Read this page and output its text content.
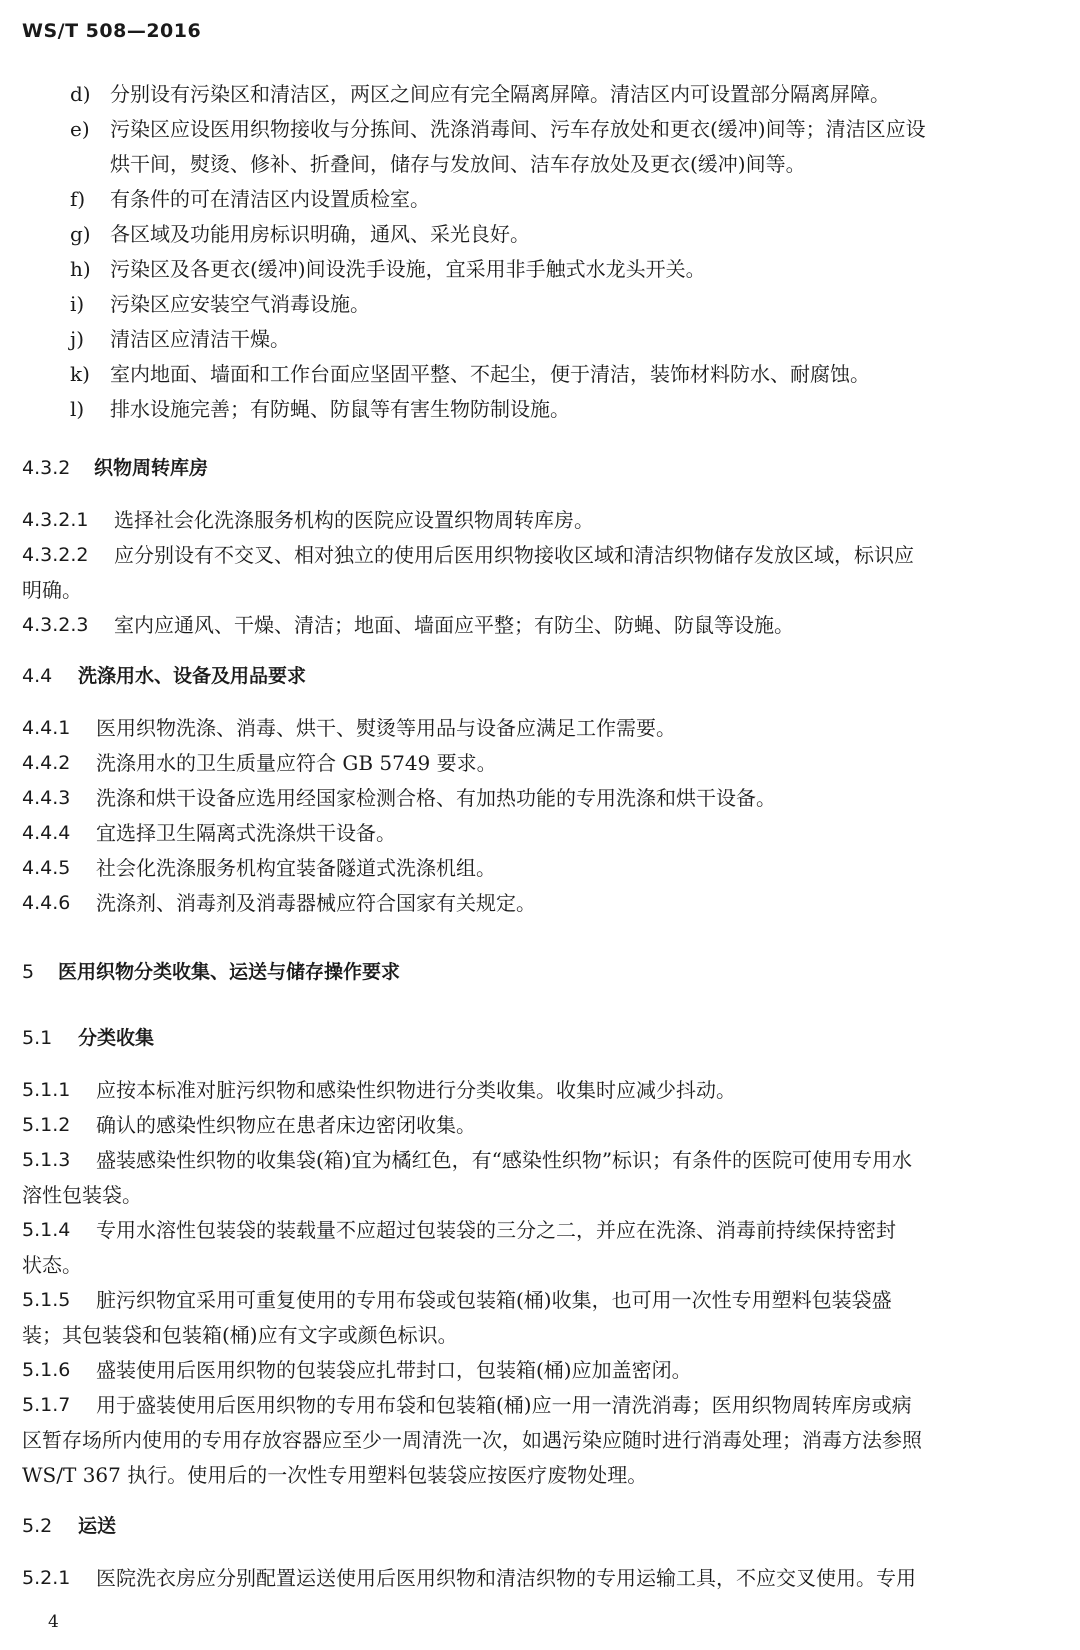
WS/T 508—2016
d) 分别设有污染区和清洁区，两区之间应有完全隔离屏障。清洁区内可设置部分隔离屏障。
e) 污染区应设医用织物接收与分拣间、洗涤消毒间、污车存放处和更衣(缓冲)间等；清洁区应设
烘干间，熨烫、修补、折叠间，储存与发放间、洁车存放处及更衣(缓冲)间等。
f) 有条件的可在清洁区内设置质检室。
g) 各区域及功能用房标识明确，通风、采光良好。
h) 污染区及各更衣(缓冲)间设洗手设施，宜采用非手触式水龙头开关。
i) 污染区应安装空气消毒设施。
j) 清洁区应清洁干燥。
k) 室内地面、墙面和工作台面应坚固平整、不起尘，便于清洁，装饰材料防水、耐腐蚀。
l) 排水设施完善；有防蝇、防鼠等有害生物防制设施。
4.3.2 织物周转库房
4.3.2.1 选择社会化洗涤服务机构的医院应设置织物周转库房。
4.3.2.2 应分别设有不交叉、相对独立的使用后医用织物接收区域和清洁织物储存发放区域，标识应
明确。
4.3.2.3 室内应通风、干燥、清洁；地面、墙面应平整；有防尘、防蝇、防鼠等设施。
4.4 洗涤用水、设备及用品要求
4.4.1 医用织物洗涤、消毒、烘干、熨烫等用品与设备应满足工作需要。
4.4.2 洗涤用水的卫生质量应符合 GB 5749 要求。
4.4.3 洗涤和烘干设备应选用经国家检测合格、有加热功能的专用洗涤和烘干设备。
4.4.4 宜选择卫生隔离式洗涤烘干设备。
4.4.5 社会化洗涤服务机构宜装备隧道式洗涤机组。
4.4.6 洗涤剂、消毒剂及消毒器械应符合国家有关规定。
5 医用织物分类收集、运送与储存操作要求
5.1 分类收集
5.1.1 应按本标准对脏污织物和感染性织物进行分类收集。收集时应减少抖动。
5.1.2 确认的感染性织物应在患者床边密闭收集。
5.1.3 盛装感染性织物的收集袋(箱)宜为橘红色，有“感染性织物”标识；有条件的医院可使用专用水
溶性包装袋。
5.1.4 专用水溶性包装袋的装载量不应超过包装袋的三分之二，并应在洗涤、消毒前持续保持密封
状态。
5.1.5 脏污织物宜采用可重复使用的专用布袋或包装箱(桶)收集，也可用一次性专用塑料包装袋盛
装；其包装袋和包装箱(桶)应有文字或颜色标识。
5.1.6 盛装使用后医用织物的包装袋应扎带封口，包装箱(桶)应加盖密闭。
5.1.7 用于盛装使用后医用织物的专用布袋和包装箱(桶)应一用一清洗消毒；医用织物周转库房或病
区暂存场所内使用的专用存放容器应至少一周清洗一次，如遇污染应随时进行消毒处理；消毒方法参照
WS/T 367 执行。使用后的一次性专用塑料包装袋应按医疗废物处理。
5.2 运送
5.2.1 医院洗衣房应分别配置运送使用后医用织物和清洁织物的专用运输工具，不应交叉使用。专用
4
